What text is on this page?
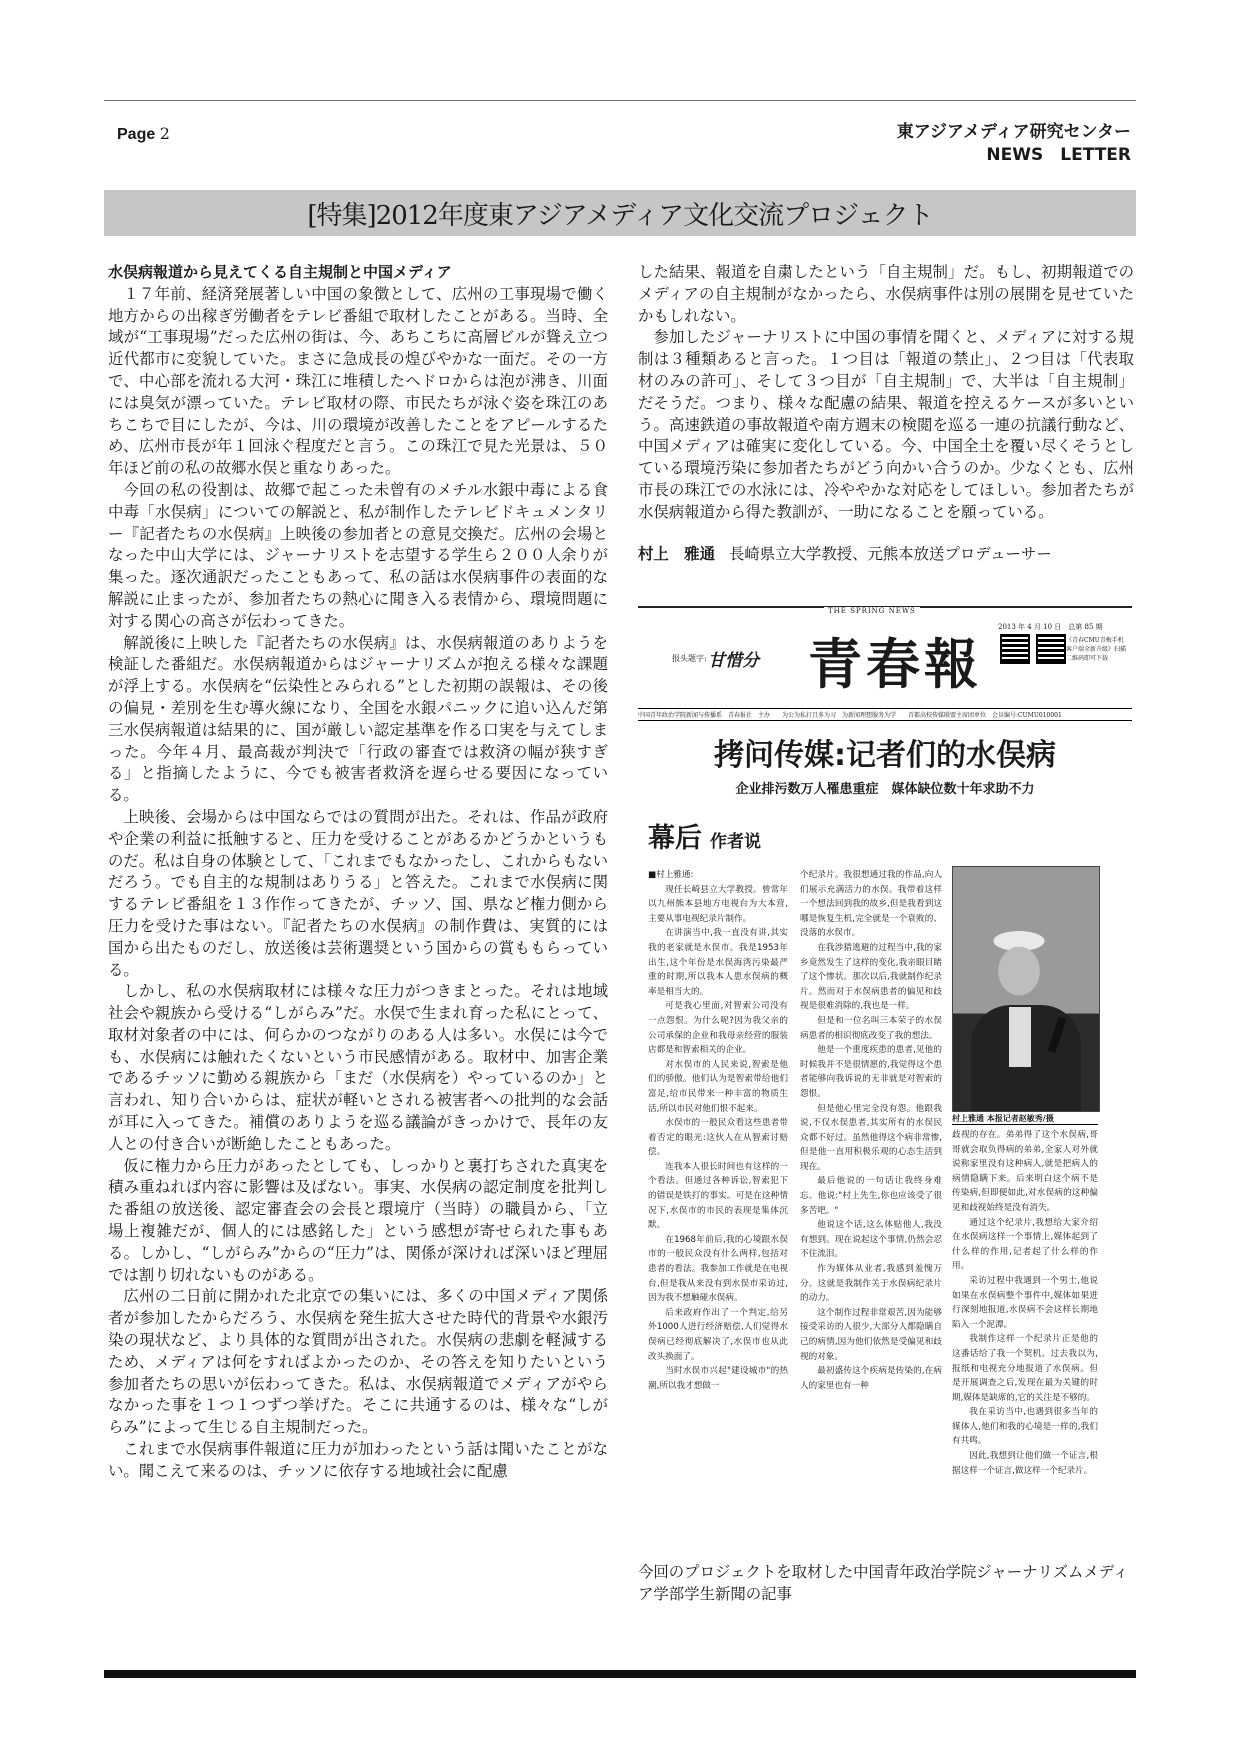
Page 2	東アジアメディア研究センター
NEWS　LETTER
[特集]2012年度東アジアメディア文化交流プロジェクト

水俣病報道から見えてくる自主規制と中国メディア

１７年前、経済発展著しい中国の象徴として、広州の工事現場で働く地方からの出稼ぎ労働者をテレビ番組で取材したことがある。当時、全域が“工事現場”だった広州の街は、今、あちこちに高層ビルが聳え立つ近代都市に変貌していた。まさに急成長の煌びやかな一面だ。その一方で、中心部を流れる大河・珠江に堆積したヘドロからは泡が沸き、川面には臭気が漂っていた。テレビ取材の際、市民たちが泳ぐ姿を珠江のあちこちで目にしたが、今は、川の環境が改善したことをアピールするため、広州市長が年１回泳ぐ程度だと言う。この珠江で見た光景は、５０年ほど前の私の故郷水俣と重なりあった。

今回の私の役割は、故郷で起こった未曾有のメチル水銀中毒による食中毒「水俣病」についての解説と、私が制作したテレビドキュメンタリー『記者たちの水俣病』上映後の参加者との意見交換だ。広州の会場となった中山大学には、ジャーナリストを志望する学生ら２００人余りが集った。逐次通訳だったこともあって、私の話は水俣病事件の表面的な解説に止まったが、参加者たちの熱心に聞き入る表情から、環境問題に対する関心の高さが伝わってきた。

解説後に上映した『記者たちの水俣病』は、水俣病報道のありようを検証した番組だ。水俣病報道からはジャーナリズムが抱える様々な課題が浮上する。水俣病を“伝染性とみられる”とした初期の誤報は、その後の偏見・差別を生む導火線になり、全国を水銀パニックに追い込んだ第三水俣病報道は結果的に、国が厳しい認定基準を作る口実を与えてしまった。今年４月、最高裁が判決で「行政の審査では救済の幅が狭すぎる」と指摘したように、今でも被害者救済を遅らせる要因になっている。

上映後、会場からは中国ならではの質問が出た。それは、作品が政府や企業の利益に抵触すると、圧力を受けることがあるかどうかというものだ。私は自身の体験として、「これまでもなかったし、これからもないだろう。でも自主的な規制はありうる」と答えた。これまで水俣病に関するテレビ番組を１３作作ってきたが、チッソ、国、県など権力側から圧力を受けた事はない。『記者たちの水俣病』の制作費は、実質的には国から出たものだし、放送後は芸術選奨という国からの賞ももらっている。

しかし、私の水俣病取材には様々な圧力がつきまとった。それは地域社会や親族から受ける“しがらみ”だ。水俣で生まれ育った私にとって、取材対象者の中には、何らかのつながりのある人は多い。水俣には今でも、水俣病には触れたくないという市民感情がある。取材中、加害企業であるチッソに勤める親族から「まだ（水俣病を）やっているのか」と言われ、知り合いからは、症状が軽いとされる被害者への批判的な会話が耳に入ってきた。補償のありようを巡る議論がきっかけで、長年の友人との付き合いが断絶したこともあった。

仮に権力から圧力があったとしても、しっかりと裏打ちされた真実を積み重ねれば内容に影響は及ばない。事実、水俣病の認定制度を批判した番組の放送後、認定審査会の会長と環境庁（当時）の職員から、「立場上複雑だが、個人的には感銘した」という感想が寄せられた事もある。しかし、“しがらみ”からの“圧力”は、関係が深ければ深いほど理屈では割り切れないものがある。

広州の二日前に開かれた北京での集いには、多くの中国メディア関係者が参加したからだろう、水俣病を発生拡大させた時代的背景や水銀汚染の現状など、より具体的な質問が出された。水俣病の悲劇を軽減するため、メディアは何をすればよかったのか、その答えを知りたいという参加者たちの思いが伝わってきた。私は、水俣病報道でメディアがやらなかった事を１つ１つずつ挙げた。そこに共通するのは、様々な“しがらみ”によって生じる自主規制だった。

これまで水俣病事件報道に圧力が加わったという話は聞いたことがない。聞こえて来るのは、チッソに依存する地域社会に配慮

した結果、報道を自粛したという「自主規制」だ。もし、初期報道でのメディアの自主規制がなかったら、水俣病事件は別の展開を見せていたかもしれない。

参加したジャーナリストに中国の事情を聞くと、メディアに対する規制は３種類あると言った。１つ目は「報道の禁止」、２つ目は「代表取材のみの許可」、そして３つ目が「自主規制」で、大半は「自主規制」だそうだ。つまり、様々な配慮の結果、報道を控えるケースが多いという。高速鉄道の事故報道や南方週末の検閲を巡る一連の抗議行動など、中国メディアは確実に変化している。今、中国全土を覆い尽くそうとしている環境汚染に参加者たちがどう向かい合うのか。少なくとも、広州市長の珠江での水泳には、冷ややかな対応をしてほしい。参加者たちが水俣病報道から得た教訓が、一助になることを願っている。

村上　雅通 長崎県立大学教授、元熊本放送プロデューサー

THE SPRING NEWS
报头题字: 甘惜分 青春報
2013 年 4 月 10 日　总第 85 期
《青春CMU青梅手机客户端全新升级》扫描二维码即可下载
中国青年政治学院新闻与传播系　青春报社　主办　　为公为私打且多为习　为新闻理想服务为学　　首都高校传媒联盟主席团单位　会员编号:CUMU010001
拷问传媒:记者们的水俣病
企业排污数万人罹患重症　媒体缺位数十年求助不力
幕后 作者说

■村上雅通:

现任长崎县立大学教授。曾常年以九州熊本县地方电视台为大本营,主要从事电视纪录片制作。

在讲演当中,我一直没有讲,其实我的老家就是水俣市。我是1953年出生,这个年份是水俣海湾污染最严重的时期,所以我本人患水俣病的概率是相当大的。

可是我心里面,对智索公司没有一点怨恨。为什么呢?因为我父亲的公司承保的企业和我母亲经营的服装店都是和智索相关的企业。

对水俣市的人民来说,智索是他们的骄傲。他们认为是智索带给他们富足,给市民带来一种丰富的物质生活,所以市民对他们恨不起来。

水俣市的一般民众看这些患者带着否定的眼光:这伙人在从智索讨赔偿。

连我本人很长时间也有这样的一个看法。但通过各种诉讼,智索犯下的错误是铁打的事实。可是在这种情况下,水俣市的市民的表现是集体沉默。

在1968年前后,我的心境跟水俣市的一般民众没有什么两样,包括对患者的看法。我参加工作就是在电视台,但是我从来没有到水俣市采访过,因为我不想触碰水俣病。

后来政府作出了一个判定,给另外1000人进行经济赔偿,人们觉得水俣病已经彻底解决了,水俣市也从此改头换面了。

当时水俣市兴起"建设城市"的热潮,所以我才想做一

个纪录片。我很想通过我的作品,向人们展示充满活力的水俣。我带着这样一个想法回到我的故乡,但是我看到这哪是恢复生机,完全就是一个衰败的、没落的水俣市。

在我涉猎逃避的过程当中,我的家乡竟然发生了这样的变化,我亲眼目睹了这个惨状。那次以后,我就制作纪录片。然而对于水俣病患者的偏见和歧视是很难消除的,我也是一样。

但是和一位名叫三本荣子的水俣病患者的相识彻底改变了我的想法。

他是一个重度疾患的患者,见他的时候我并不是很情愿的,我觉得这个患者能够向我诉说的无非就是对智索的怨恨。

但是他心里完全没有怨。他跟我说,不仅水俣患者,其实所有的水俣民众都不好过。虽然他得这个病非常惨,但是他一直用积极乐观的心态生活到现在。

最后他说的一句话让我终身难忘。他说:"村上先生,你也应该受了很多苦吧。"

他说这个话,这么体贴他人,我没有想到。现在说起这个事情,仍然会忍不住流泪。

作为媒体从业者,我感到羞愧万分。这就是我制作关于水俣病纪录片的动力。

这个制作过程非常艰苦,因为能够接受采访的人很少,大部分人都隐瞒自己的病情,因为他们依然是受偏见和歧视的对象。

最初盛传这个疾病是传染的,在病人的家里也有一种

村上雅通 本报记者赵敏秀/摄

歧视的存在。弟弟得了这个水俣病,哥哥就会取负得病的弟弟,全家人对外就说称家里没有这种病人,就是把病人的病情隐瞒下来。后来明白这个病不是传染病,但即便如此,对水俣病的这种偏见和歧视始终是没有消失。

通过这个纪录片,我想给大家介绍在水俣病这样一个事情上,媒体起到了什么样的作用,记者起了什么样的作用。

采访过程中我遇到一个男士,他说如果在水俣病整个事件中,媒体如果进行深刻地报道,水俣病不会这样长期地陷入一个泥潭。

我制作这样一个纪录片正是他的这番话给了我一个契机。过去我以为,报纸和电视充分地报道了水俣病。但是开展调查之后,发现在最为关键的时期,媒体是缺席的,它的关注是不够的。

我在采访当中,也遇到很多当年的媒体人,他们和我的心境是一样的,我们有共鸣。

因此,我想到让他们做一个证言,根据这样一个证言,做这样一个纪录片。

今回のプロジェクトを取材した中国青年政治学院ジャーナリズムメディア学部学生新聞の記事
